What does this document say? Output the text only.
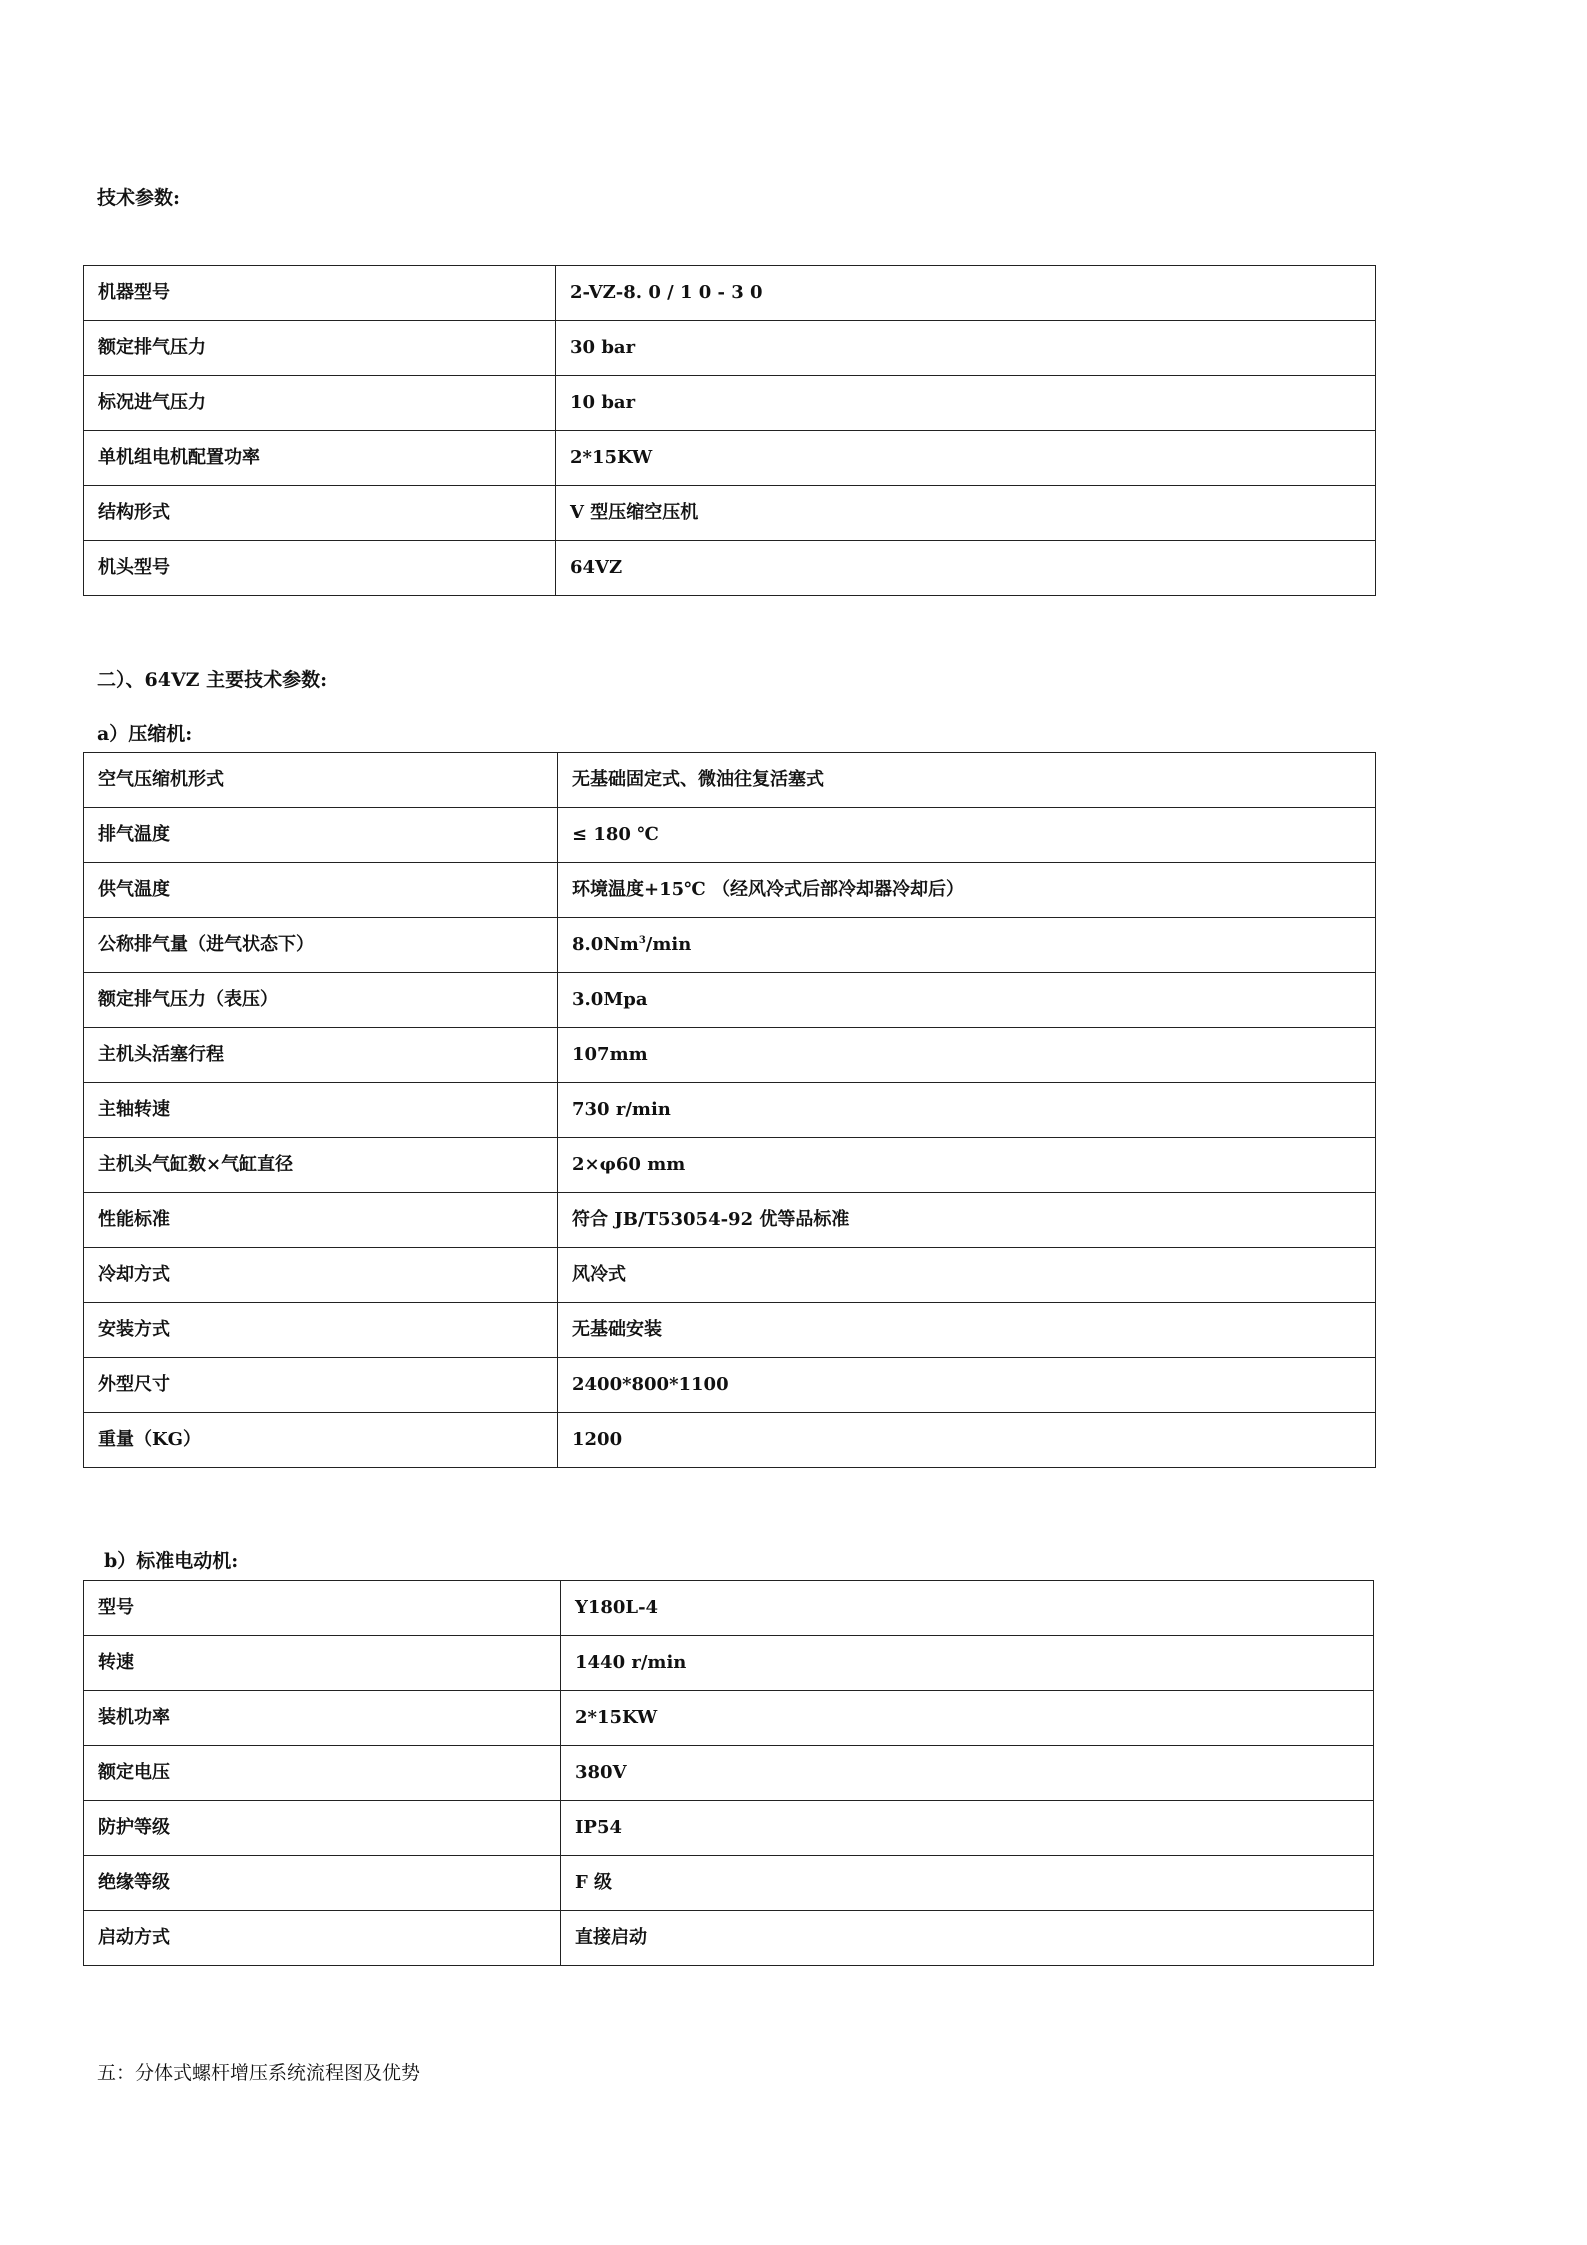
技术参数:
机器型号	2-VZ-8. 0 / 1 0 - 3 0
额定排气压力	30 bar
标况进气压力	10 bar
单机组电机配置功率	2*15KW
结构形式	V 型压缩空压机
机头型号	64VZ
二）、64VZ 主要技术参数:
a）压缩机:
空气压缩机形式	无基础固定式、微油往复活塞式
排气温度	≤ 180 ℃
供气温度	环境温度+15℃ （经风冷式后部冷却器冷却后）
公称排气量（进气状态下）	8.0Nm$^3$/min
额定排气压力（表压）	3.0Mpa
主机头活塞行程	107mm
主轴转速	730 r/min
主机头气缸数×气缸直径	2×φ60 mm
性能标准	符合 JB/T53054-92 优等品标准
冷却方式	风冷式
安装方式	无基础安装
外型尺寸	2400*800*1100
重量（KG）	1200
b）标准电动机:
型号	Y180L-4
转速	1440 r/min
装机功率	2*15KW
额定电压	380V
防护等级	IP54
绝缘等级	F 级
启动方式	直接启动
五：分体式螺杆增压系统流程图及优势
